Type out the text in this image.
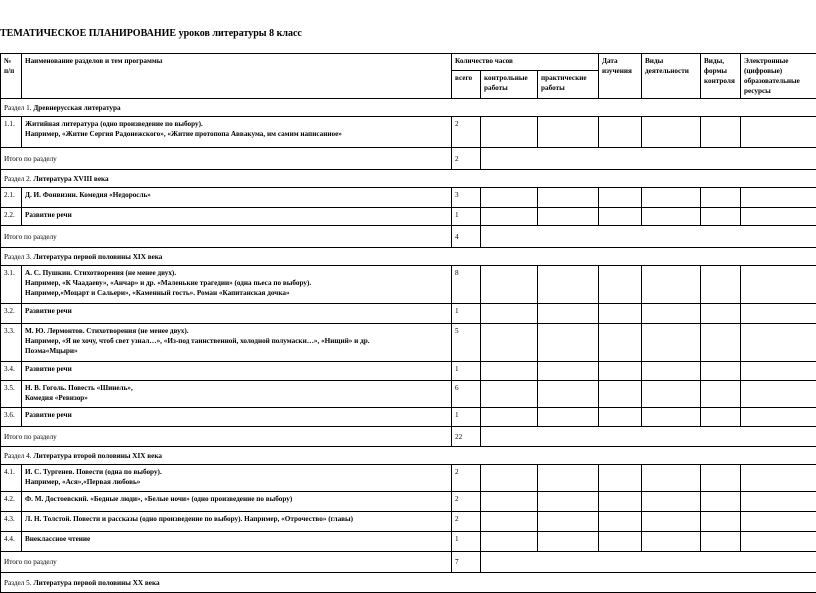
ТЕМАТИЧЕСКОЕ ПЛАНИРОВАНИЕ уроков литературы 8 класс
№ п/п	Наименование разделов и тем программы	Количество часов			Дата изучения	Виды деятельности	Виды, формы контроля	Электронные (цифровые) образовательные ресурсы
		всего	контрольные работы	практические работы				
Раздел 1. Древнерусская литература								
1.1.	Житийная литература (одно произведение по выбору).
Например, «Житие Сергия Радонежского», «Житие протопопа Аввакума, им самим написанное»	2						
Итого по разделу		2						
Раздел 2. Литература XVIII века								
2.1.	Д. И. Фонвизин. Комедия «Недоросль»	3						
2.2.	Развитие речи	1						
Итого по разделу		4						
Раздел 3. Литература первой половины XIX века								
3.1.	А. С. Пушкин. Стихотворения (не менее двух).
Например, «К Чаадаеву», «Анчар» и др. «Маленькие трагедии» (одна пьеса по выбору).
Например,«Моцарт и Сальери», «Каменный гость». Роман «Капитанская дочка»	8						
3.2.	Развитие речи	1						
3.3.	М. Ю. Лермонтов. Стихотворения (не менее двух).
Например, «Я не хочу, чтоб свет узнал…», «Из-под таинственной, холодной полумаски…», «Нищий» и др.
Поэма«Мцыри»	5						
3.4.	Развитие речи	1						
3.5.	Н. В. Гоголь. Повесть «Шинель»,
Комедия «Ревизор»	6						
3.6.	Развитие речи	1						
Итого по разделу		22						
Раздел 4. Литература второй половины XIX века								
4.1.	И. С. Тургенев. Повести (одна по выбору).
Например, «Ася»,«Первая любовь»	2						
4.2.	Ф. М. Достоевский. «Бедные люди», «Белые ночи» (одно произведение по выбору)	2						
4.3.	Л. Н. Толстой. Повести и рассказы (одно произведение по выбору). Например, «Отрочество» (главы)	2						
4.4.	Внеклассное чтение	1						
Итого по разделу		7						
Раздел 5. Литература первой половины XX века								
